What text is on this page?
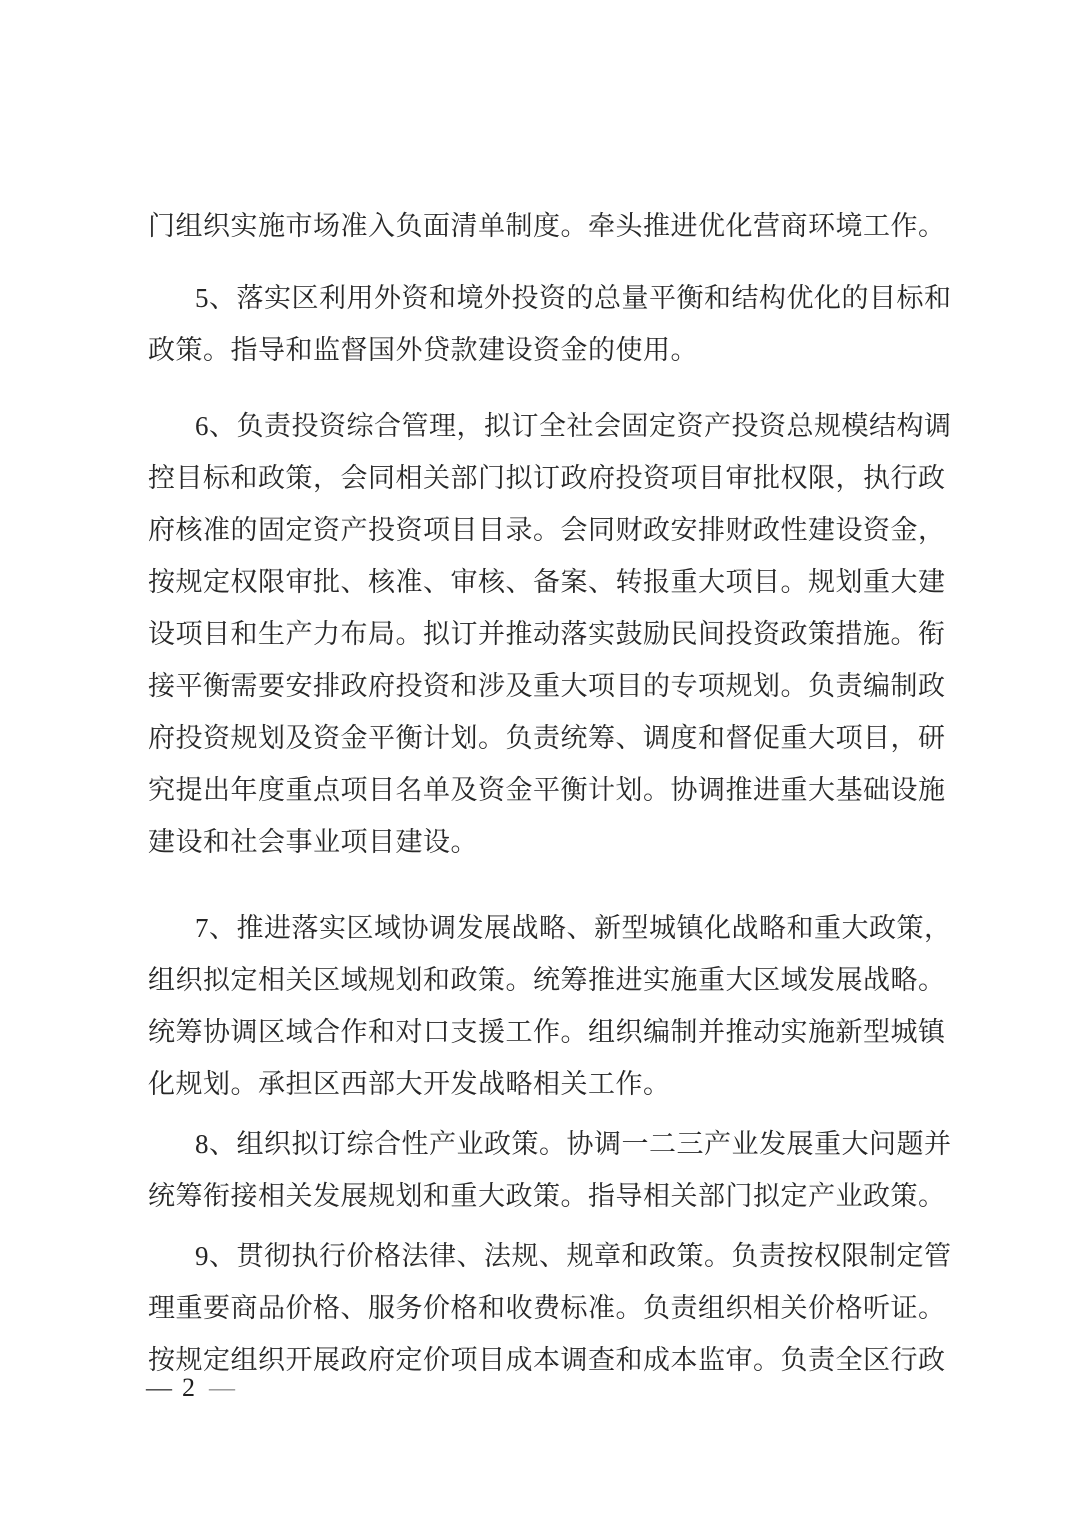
门组织实施市场准入负面清单制度。牵头推进优化营商环境工作。
5、落实区利用外资和境外投资的总量平衡和结构优化的目标和
政策。指导和监督国外贷款建设资金的使用。
6、负责投资综合管理，拟订全社会固定资产投资总规模结构调
控目标和政策，会同相关部门拟订政府投资项目审批权限，执行政
府核准的固定资产投资项目目录。会同财政安排财政性建设资金，
按规定权限审批、核准、审核、备案、转报重大项目。规划重大建
设项目和生产力布局。拟订并推动落实鼓励民间投资政策措施。衔
接平衡需要安排政府投资和涉及重大项目的专项规划。负责编制政
府投资规划及资金平衡计划。负责统筹、调度和督促重大项目，研
究提出年度重点项目名单及资金平衡计划。协调推进重大基础设施
建设和社会事业项目建设。
7、推进落实区域协调发展战略、新型城镇化战略和重大政策，
组织拟定相关区域规划和政策。统筹推进实施重大区域发展战略。
统筹协调区域合作和对口支援工作。组织编制并推动实施新型城镇
化规划。承担区西部大开发战略相关工作。
8、组织拟订综合性产业政策。协调一二三产业发展重大问题并
统筹衔接相关发展规划和重大政策。指导相关部门拟定产业政策。
9、贯彻执行价格法律、法规、规章和政策。负责按权限制定管
理重要商品价格、服务价格和收费标准。负责组织相关价格听证。
按规定组织开展政府定价项目成本调查和成本监审。负责全区行政
— 2 —
